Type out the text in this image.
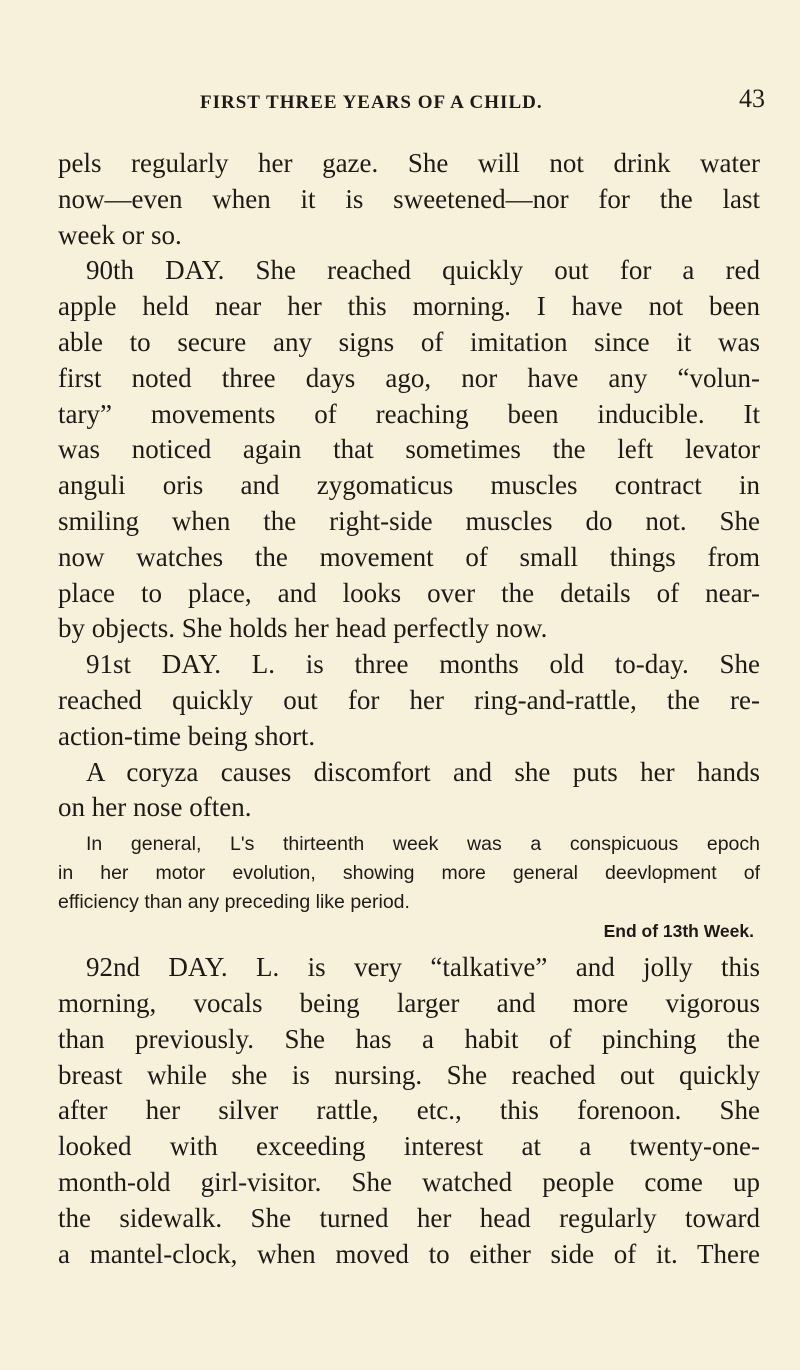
FIRST THREE YEARS OF A CHILD.	43
pels regularly her gaze. She will not drink water
now—even when it is sweetened—nor for the last
week or so.
90th DAY. She reached quickly out for a red
apple held near her this morning. I have not been
able to secure any signs of imitation since it was
first noted three days ago, nor have any “volun-
tary” movements of reaching been inducible. It
was noticed again that sometimes the left levator
anguli oris and zygomaticus muscles contract in
smiling when the right-side muscles do not. She
now watches the movement of small things from
place to place, and looks over the details of near-
by objects. She holds her head perfectly now.
91st DAY. L. is three months old to-day. She
reached quickly out for her ring-and-rattle, the re-
action-time being short.
A coryza causes discomfort and she puts her hands
on her nose often.
In general, L's thirteenth week was a conspicuous epoch
in her motor evolution, showing more general deevlopment of
efficiency than any preceding like period.
End of 13th Week.
92nd DAY. L. is very “talkative” and jolly this
morning, vocals being larger and more vigorous
than previously. She has a habit of pinching the
breast while she is nursing. She reached out quickly
after her silver rattle, etc., this forenoon. She
looked with exceeding interest at a twenty-one-
month-old girl-visitor. She watched people come up
the sidewalk. She turned her head regularly toward
a mantel-clock, when moved to either side of it. There
